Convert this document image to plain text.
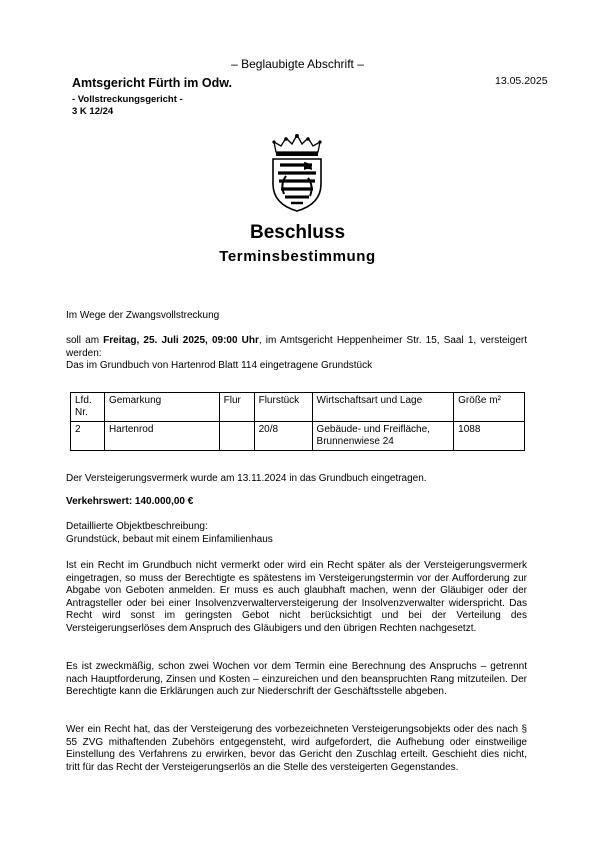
– Beglaubigte Abschrift –
Amtsgericht Fürth im Odw.
- Vollstreckungsgericht -
3 K 12/24
13.05.2025
Beschluss
Terminsbestimmung
Im Wege der Zwangsvollstreckung
soll am Freitag, 25. Juli 2025, 09:00 Uhr, im Amtsgericht Heppenheimer Str. 15, Saal 1, versteigert werden:
Das im Grundbuch von Hartenrod Blatt 114 eingetragene Grundstück
Lfd. Nr.	Gemarkung	Flur	Flurstück	Wirtschaftsart und Lage	Größe m²
2	Hartenrod		20/8	Gebäude- und Freifläche, Brunnenwiese 24	1088
Der Versteigerungsvermerk wurde am 13.11.2024 in das Grundbuch eingetragen.
Verkehrswert: 140.000,00 €
Detaillierte Objektbeschreibung:
Grundstück, bebaut mit einem Einfamilienhaus
Ist ein Recht im Grundbuch nicht vermerkt oder wird ein Recht später als der Versteigerungsvermerk eingetragen, so muss der Berechtigte es spätestens im Versteigerungstermin vor der Aufforderung zur Abgabe von Geboten anmelden. Er muss es auch glaubhaft machen, wenn der Gläubiger oder der Antragsteller oder bei einer Insolvenzverwalterversteigerung der Insolvenzverwalter widerspricht. Das Recht wird sonst im geringsten Gebot nicht berücksichtigt und bei der Verteilung des Versteigerungserlöses dem Anspruch des Gläubigers und den übrigen Rechten nachgesetzt.
Es ist zweckmäßig, schon zwei Wochen vor dem Termin eine Berechnung des Anspruchs – getrennt nach Hauptforderung, Zinsen und Kosten – einzureichen und den beanspruchten Rang mitzuteilen. Der Berechtigte kann die Erklärungen auch zur Niederschrift der Geschäftsstelle abgeben.
Wer ein Recht hat, das der Versteigerung des vorbezeichneten Versteigerungsobjekts oder des nach § 55 ZVG mithaftenden Zubehörs entgegensteht, wird aufgefordert, die Aufhebung oder einstweilige Einstellung des Verfahrens zu erwirken, bevor das Gericht den Zuschlag erteilt. Geschieht dies nicht, tritt für das Recht der Versteigerungserlös an die Stelle des versteigerten Gegenstandes.
